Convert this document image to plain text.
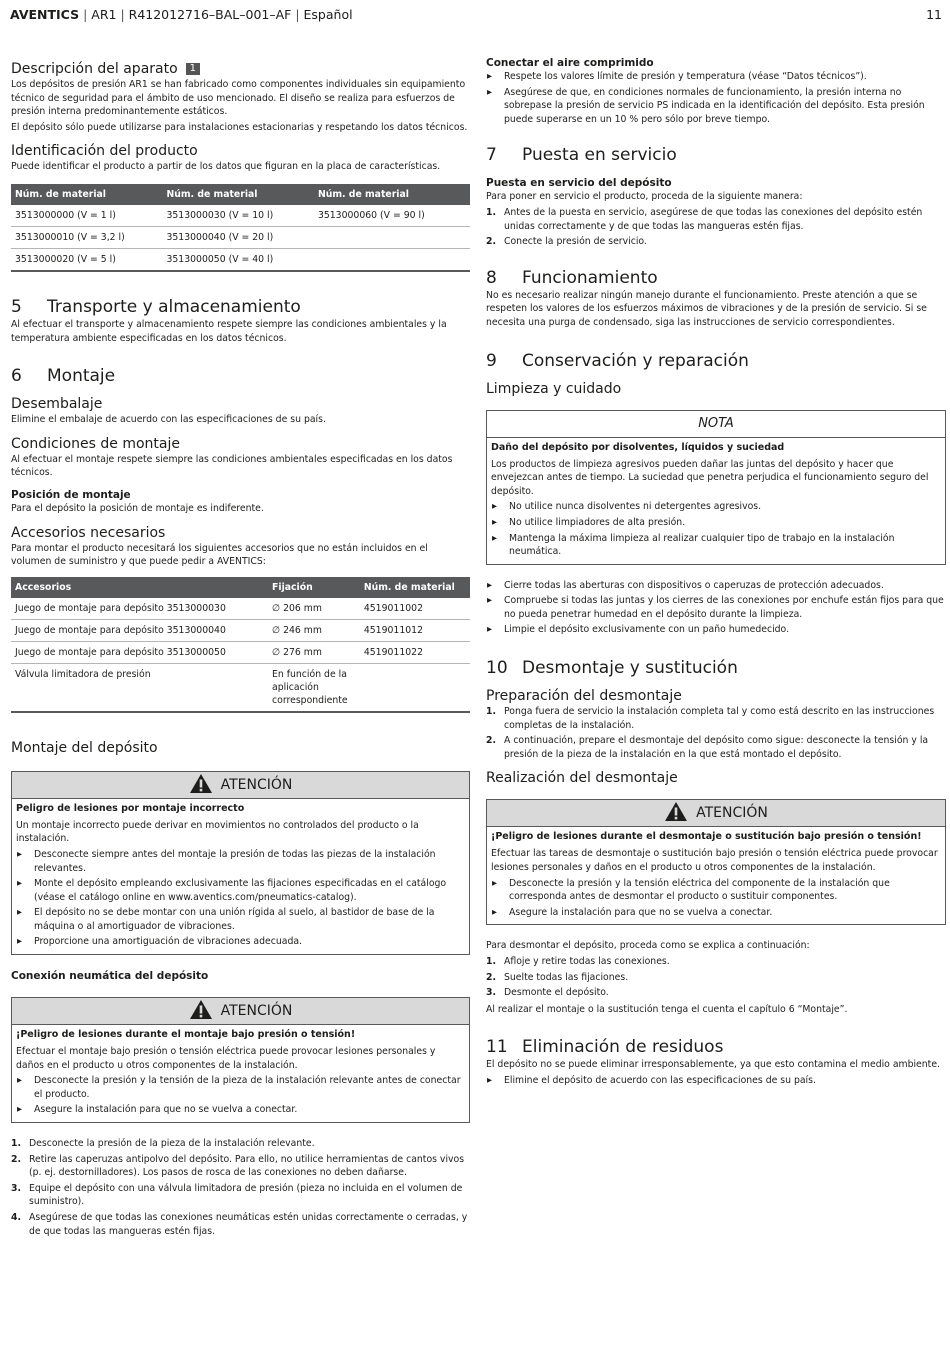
AVENTICS | AR1 | R412012716–BAL–001–AF | Español	11
Descripción del aparato 1

Los depósitos de presión AR1 se han fabricado como componentes individuales sin equipamiento técnico de seguridad para el ámbito de uso mencionado. El diseño se realiza para esfuerzos de presión interna predominantemente estáticos.

El depósito sólo puede utilizarse para instalaciones estacionarias y respetando los datos técnicos.

Identificación del producto

Puede identificar el producto a partir de los datos que figuran en la placa de características.

Núm. de material	Núm. de material	Núm. de material
3513000000 (V = 1 l)	3513000030 (V = 10 l)	3513000060 (V = 90 l)
3513000010 (V = 3,2 l)	3513000040 (V = 20 l)	
3513000020 (V = 5 l)	3513000050 (V = 40 l)	
5 Transporte y almacenamiento

Al efectuar el transporte y almacenamiento respete siempre las condiciones ambientales y la temperatura ambiente especificadas en los datos técnicos.

6 Montaje
Desembalaje

Elimine el embalaje de acuerdo con las especificaciones de su país.

Condiciones de montaje

Al efectuar el montaje respete siempre las condiciones ambientales especificadas en los datos técnicos.

Posición de montaje

Para el depósito la posición de montaje es indiferente.

Accesorios necesarios

Para montar el producto necesitará los siguientes accesorios que no están incluidos en el volumen de suministro y que puede pedir a AVENTICS:

Accesorios	Fijación	Núm. de material
Juego de montaje para depósito 3513000030	∅ 206 mm	4519011002
Juego de montaje para depósito 3513000040	∅ 246 mm	4519011012
Juego de montaje para depósito 3513000050	∅ 276 mm	4519011022
Válvula limitadora de presión	En función de la aplicación correspondiente	
Montaje del depósito
ATENCIÓN
Peligro de lesiones por montaje incorrecto

Un montaje incorrecto puede derivar en movimientos no controlados del producto o la instalación.

▶ Desconecte siempre antes del montaje la presión de todas las piezas de la instalación relevantes.
▶ Monte el depósito empleando exclusivamente las fijaciones especificadas en el catálogo (véase el catálogo online en www.aventics.com/pneumatics-catalog).
▶ El depósito no se debe montar con una unión rígida al suelo, al bastidor de base de la máquina o al amortiguador de vibraciones.
▶ Proporcione una amortiguación de vibraciones adecuada.
Conexión neumática del depósito
ATENCIÓN
¡Peligro de lesiones durante el montaje bajo presión o tensión!

Efectuar el montaje bajo presión o tensión eléctrica puede provocar lesiones personales y daños en el producto u otros componentes de la instalación.

▶ Desconecte la presión y la tensión de la pieza de la instalación relevante antes de conectar el producto.
▶ Asegure la instalación para que no se vuelva a conectar.
1. Desconecte la presión de la pieza de la instalación relevante.
2. Retire las caperuzas antipolvo del depósito. Para ello, no utilice herramientas de cantos vivos (p. ej. destornilladores). Los pasos de rosca de las conexiones no deben dañarse.
3. Equipe el depósito con una válvula limitadora de presión (pieza no incluida en el volumen de suministro).
4. Asegúrese de que todas las conexiones neumáticas estén unidas correctamente o cerradas, y de que todas las mangueras estén fijas.
Conectar el aire comprimido
▶ Respete los valores límite de presión y temperatura (véase “Datos técnicos”).
▶ Asegúrese de que, en condiciones normales de funcionamiento, la presión interna no sobrepase la presión de servicio PS indicada en la identificación del depósito. Esta presión puede superarse en un 10 % pero sólo por breve tiempo.
7 Puesta en servicio
Puesta en servicio del depósito

Para poner en servicio el producto, proceda de la siguiente manera:

1. Antes de la puesta en servicio, asegúrese de que todas las conexiones del depósito estén unidas correctamente y de que todas las mangueras estén fijas.
2. Conecte la presión de servicio.
8 Funcionamiento

No es necesario realizar ningún manejo durante el funcionamiento. Preste atención a que se respeten los valores de los esfuerzos máximos de vibraciones y de la presión de servicio. Si se necesita una purga de condensado, siga las instrucciones de servicio correspondientes.

9 Conservación y reparación
Limpieza y cuidado
NOTA
Daño del depósito por disolventes, líquidos y suciedad

Los productos de limpieza agresivos pueden dañar las juntas del depósito y hacer que envejezcan antes de tiempo. La suciedad que penetra perjudica el funcionamiento seguro del depósito.

▶ No utilice nunca disolventes ni detergentes agresivos.
▶ No utilice limpiadores de alta presión.
▶ Mantenga la máxima limpieza al realizar cualquier tipo de trabajo en la instalación neumática.
▶ Cierre todas las aberturas con dispositivos o caperuzas de protección adecuados.
▶ Compruebe si todas las juntas y los cierres de las conexiones por enchufe están fijos para que no pueda penetrar humedad en el depósito durante la limpieza.
▶ Limpie el depósito exclusivamente con un paño humedecido.
10 Desmontaje y sustitución
Preparación del desmontaje
1. Ponga fuera de servicio la instalación completa tal y como está descrito en las instrucciones completas de la instalación.
2. A continuación, prepare el desmontaje del depósito como sigue: desconecte la tensión y la presión de la pieza de la instalación en la que está montado el depósito.
Realización del desmontaje
ATENCIÓN
¡Peligro de lesiones durante el desmontaje o sustitución bajo presión o tensión!

Efectuar las tareas de desmontaje o sustitución bajo presión o tensión eléctrica puede provocar lesiones personales y daños en el producto u otros componentes de la instalación.

▶ Desconecte la presión y la tensión eléctrica del componente de la instalación que corresponda antes de desmontar el producto o sustituir componentes.
▶ Asegure la instalación para que no se vuelva a conectar.

Para desmontar el depósito, proceda como se explica a continuación:

1. Afloje y retire todas las conexiones.
2. Suelte todas las fijaciones.
3. Desmonte el depósito.

Al realizar el montaje o la sustitución tenga el cuenta el capítulo 6 “Montaje”.

11 Eliminación de residuos

El depósito no se puede eliminar irresponsablemente, ya que esto contamina el medio ambiente.

▶ Elimine el depósito de acuerdo con las especificaciones de su país.
